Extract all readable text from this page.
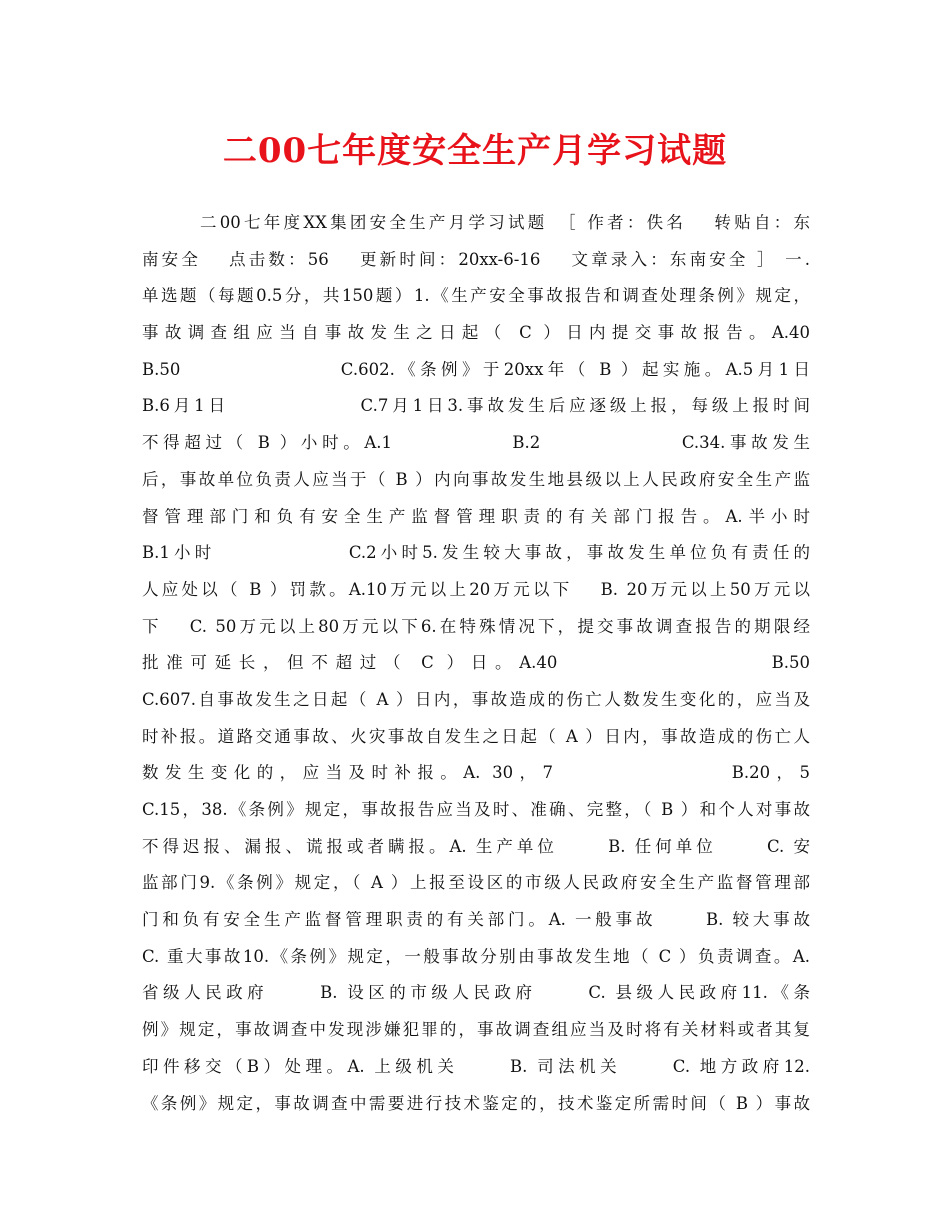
二00七年度安全生产月学习试题
二00七年度XX集团安全生产月学习试题　［ 作者：佚名　 转贴自：东
南安全　 点击数：56　 更新时间：20xx-6-16　 文章录入：东南安全 ］ 一.
单选题（每题0.5分，共150题）1.《生产安全事故报告和调查处理条例》规定，
事故调查组应当自事故发生之日起（ C ）日内提交事故报告。A.40
B.50　　　　　　　 C.602.《条例》于20xx年（ B ）起实施。A.5月1日
B.6月1日　　　　　　 C.7月1日3.事故发生后应逐级上报，每级上报时间
不得超过（ B ）小时。A.1　　　　　 B.2　　　　　　 C.34.事故发生
后，事故单位负责人应当于（ B ）内向事故发生地县级以上人民政府安全生产监
督管理部门和负有安全生产监督管理职责的有关部门报告。A.半小时
B.1小时　　　　　　 C.2小时5.发生较大事故，事故发生单位负有责任的
人应处以（ B ）罚款。A.10万元以上20万元以下　 B. 20万元以上50万元以
下　 C. 50万元以上80万元以下6.在特殊情况下，提交事故调查报告的期限经
批准可延长，但不超过（ C ）日。A.40　　　　　　　　 B.50
C.607.自事故发生之日起（ A ）日内，事故造成的伤亡人数发生变化的，应当及
时补报。道路交通事故、火灾事故自发生之日起（ A ）日内，事故造成的伤亡人
数发生变化的，应当及时补报。A. 30，7　　　　　　　 B.20，5
C.15，38.《条例》规定，事故报告应当及时、准确、完整，（ B ）和个人对事故
不得迟报、漏报、谎报或者瞒报。A. 生产单位　　 B. 任何单位　　 C. 安
监部门9.《条例》规定，（ A ）上报至设区的市级人民政府安全生产监督管理部
门和负有安全生产监督管理职责的有关部门。A. 一般事故　　 B. 较大事故
C. 重大事故10.《条例》规定，一般事故分别由事故发生地（ C ）负责调查。A.
省级人民政府　　 B. 设区的市级人民政府　　 C. 县级人民政府11.《条
例》规定，事故调查中发现涉嫌犯罪的，事故调查组应当及时将有关材料或者其复
印件移交（B）处理。A. 上级机关　　 B. 司法机关　　 C. 地方政府12.
《条例》规定，事故调查中需要进行技术鉴定的，技术鉴定所需时间（ B ）事故
